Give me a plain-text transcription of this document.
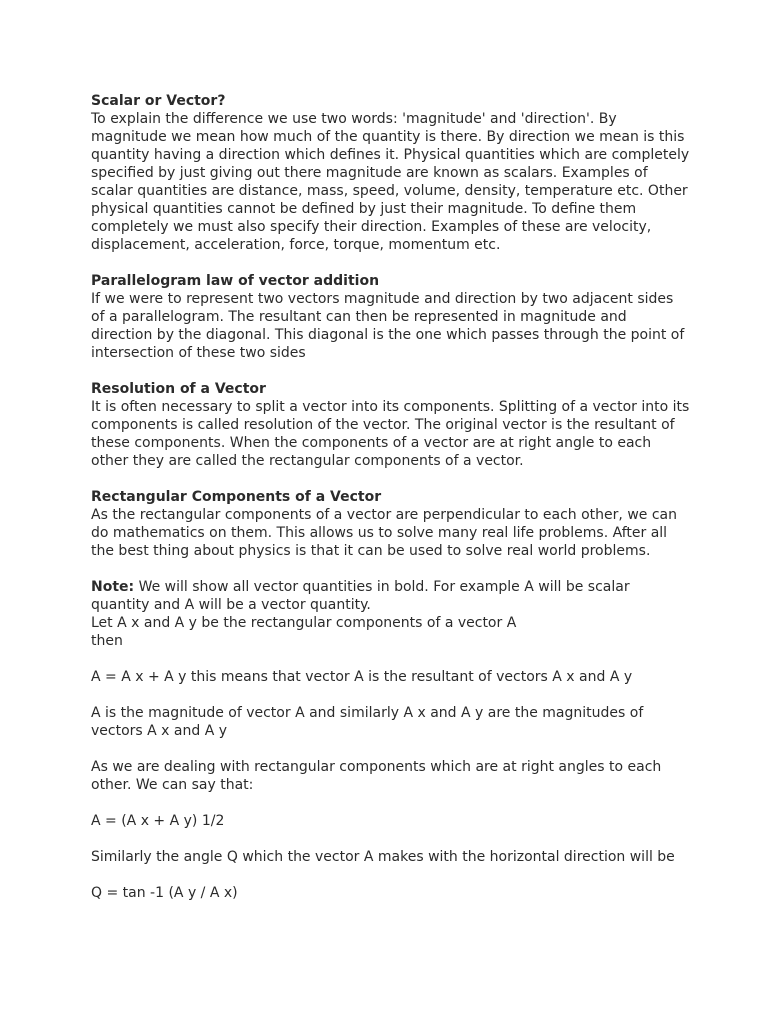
Scalar or Vector?

To explain the difference we use two words: 'magnitude' and 'direction'. By magnitude we mean how much of the quantity is there. By direction we mean is this quantity having a direction which defines it. Physical quantities which are completely specified by just giving out there magnitude are known as scalars. Examples of scalar quantities are distance, mass, speed, volume, density, temperature etc. Other physical quantities cannot be defined by just their magnitude. To define them completely we must also specify their direction. Examples of these are velocity, displacement, acceleration, force, torque, momentum etc.

Parallelogram law of vector addition

If we were to represent two vectors magnitude and direction by two adjacent sides of a parallelogram. The resultant can then be represented in magnitude and direction by the diagonal. This diagonal is the one which passes through the point of intersection of these two sides

Resolution of a Vector

It is often necessary to split a vector into its components. Splitting of a vector into its components is called resolution of the vector. The original vector is the resultant of these components. When the components of a vector are at right angle to each other they are called the rectangular components of a vector.

Rectangular Components of a Vector

As the rectangular components of a vector are perpendicular to each other, we can do mathematics on them. This allows us to solve many real life problems. After all the best thing about physics is that it can be used to solve real world problems.

Note: We will show all vector quantities in bold. For example A will be scalar quantity and A will be a vector quantity.

Let A x and A y be the rectangular components of a vector A

then

A = A x + A y this means that vector A is the resultant of vectors A x and A y

A is the magnitude of vector A and similarly A x and A y are the magnitudes of vectors A x and A y

As we are dealing with rectangular components which are at right angles to each other. We can say that:

A = (A x + A y) 1/2

Similarly the angle Q which the vector A makes with the horizontal direction will be

Q = tan -1 (A y / A x)
